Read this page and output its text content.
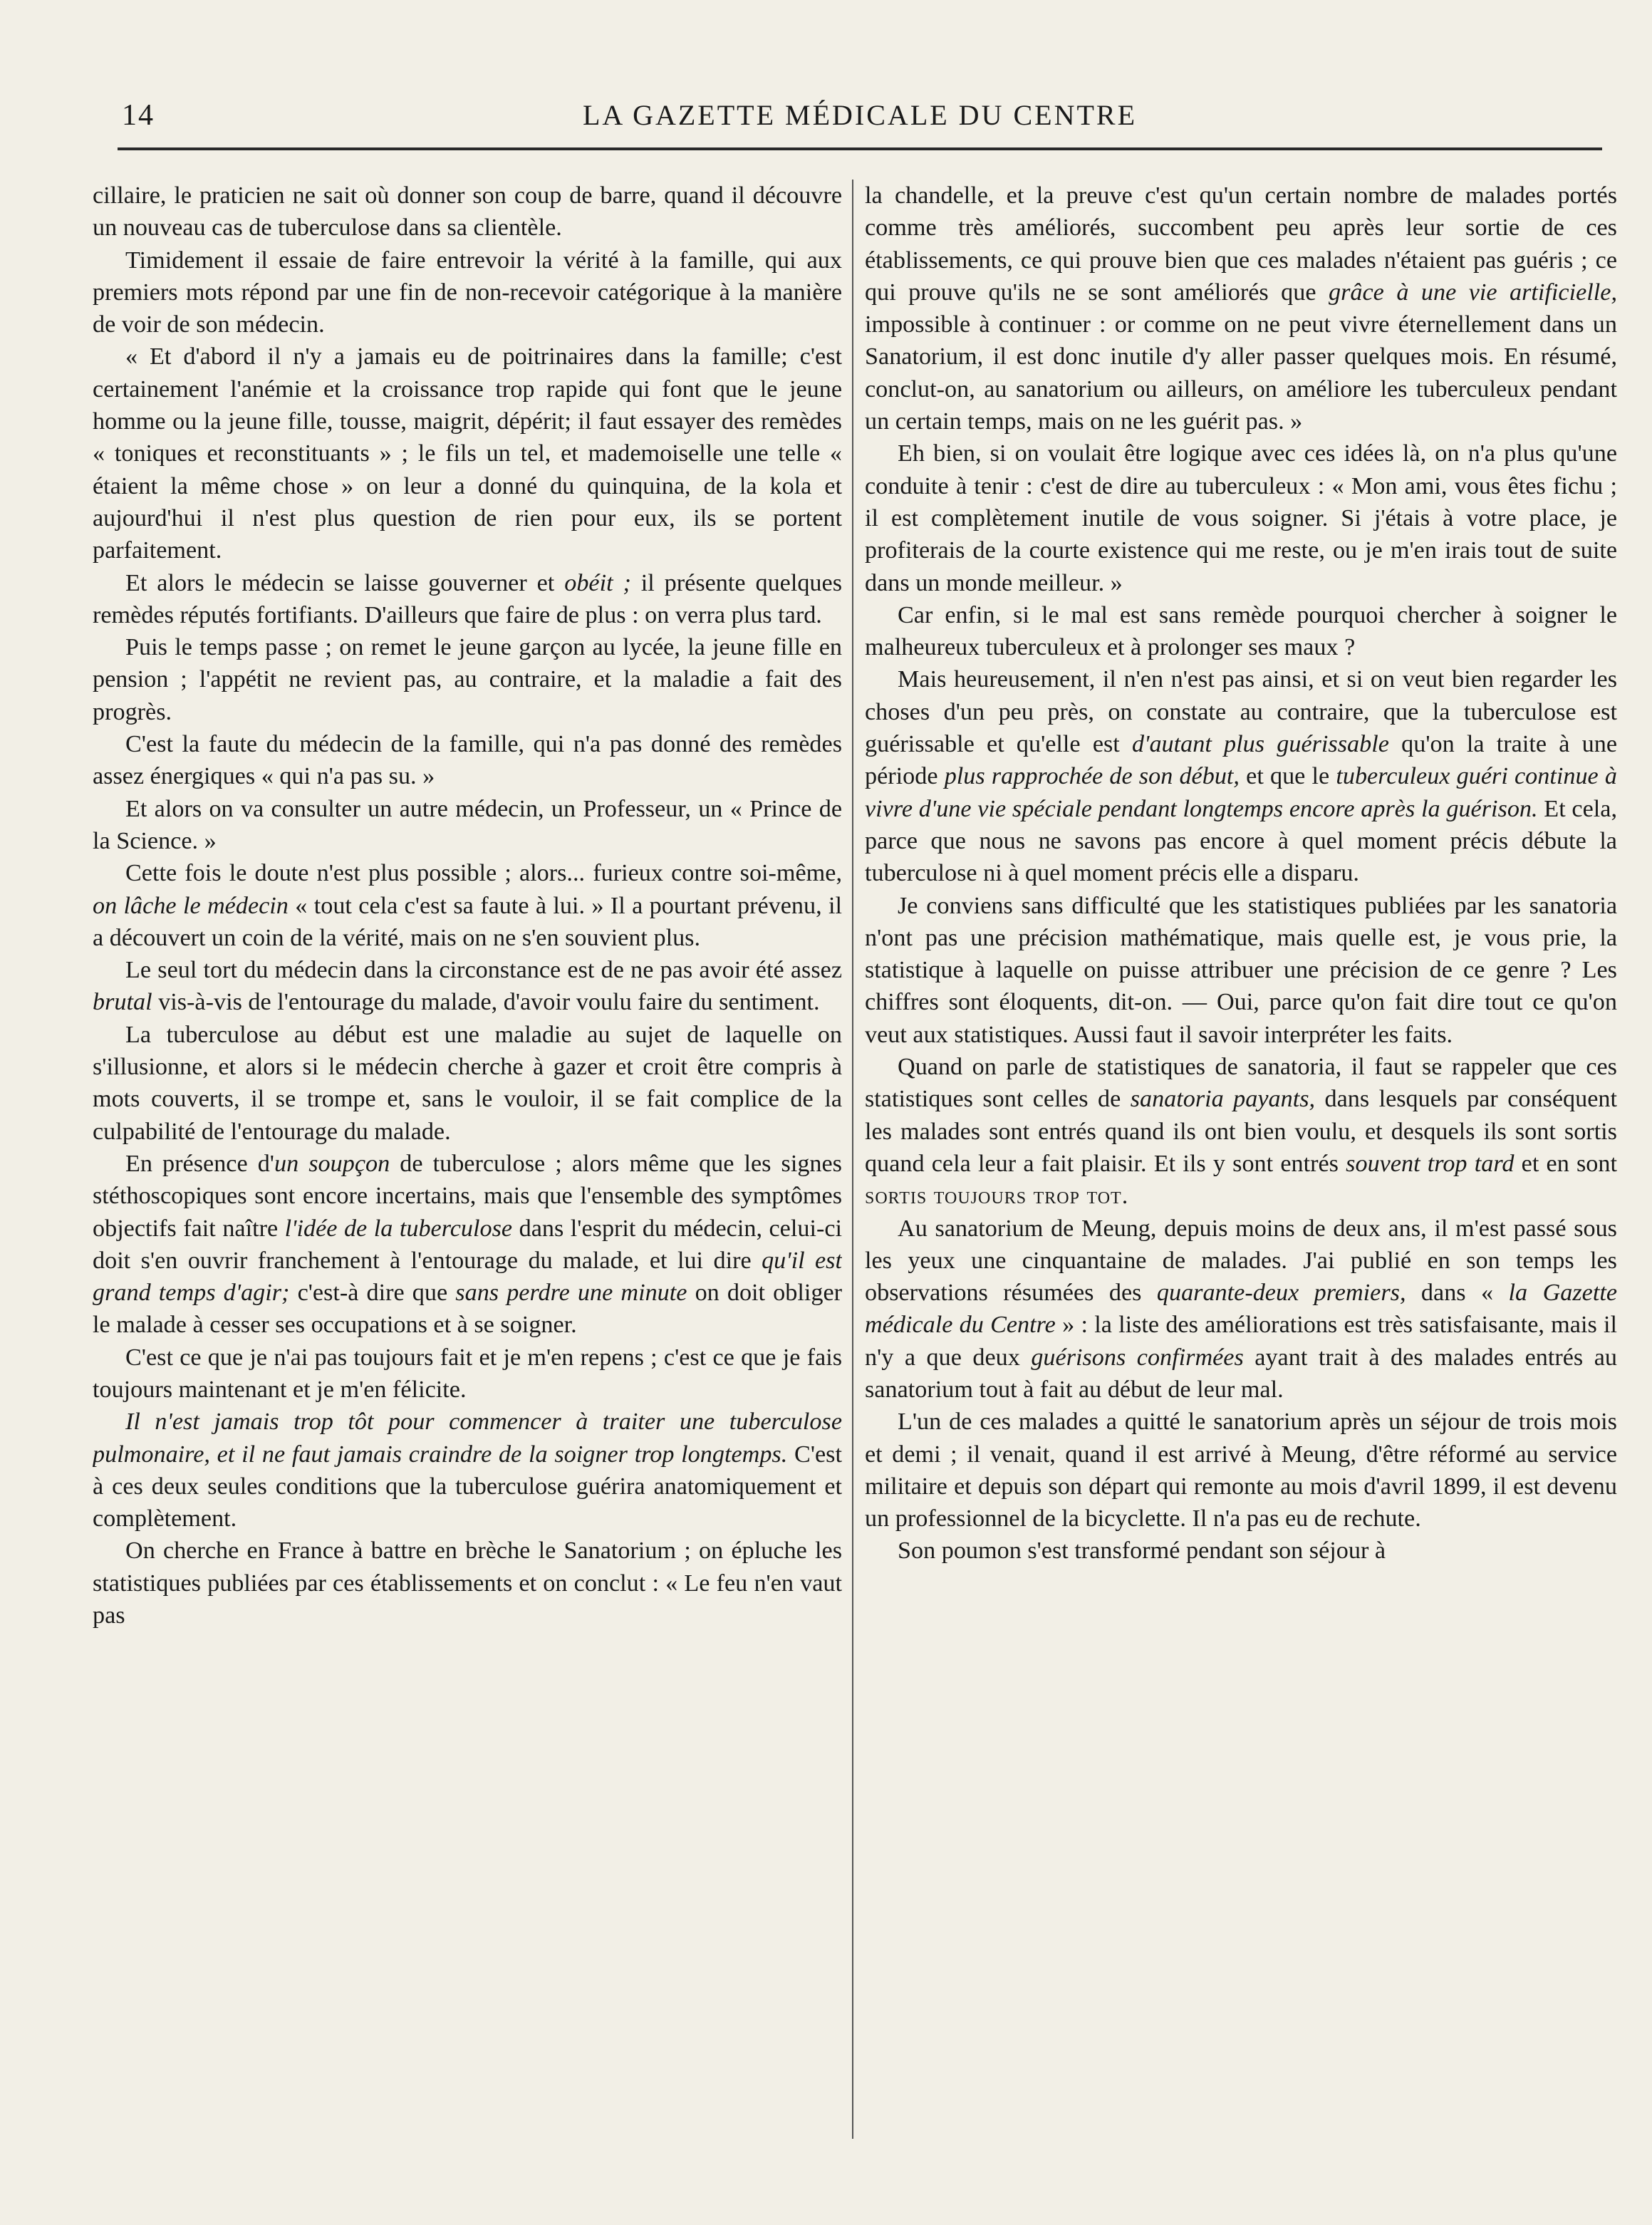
14	LA GAZETTE MÉDICALE DU CENTRE

cillaire, le praticien ne sait où donner son coup de barre, quand il découvre un nouveau cas de tuberculose dans sa clientèle.

Timidement il essaie de faire entrevoir la vérité à la famille, qui aux premiers mots répond par une fin de non-recevoir catégorique à la manière de voir de son médecin.

« Et d'abord il n'y a jamais eu de poitrinaires dans la famille; c'est certainement l'anémie et la croissance trop rapide qui font que le jeune homme ou la jeune fille, tousse, maigrit, dépérit; il faut essayer des remèdes « toniques et reconstituants » ; le fils un tel, et mademoiselle une telle « étaient la même chose » on leur a donné du quinquina, de la kola et aujourd'hui il n'est plus question de rien pour eux, ils se portent parfaitement.

Et alors le médecin se laisse gouverner et obéit ; il présente quelques remèdes réputés fortifiants. D'ailleurs que faire de plus : on verra plus tard.

Puis le temps passe ; on remet le jeune garçon au lycée, la jeune fille en pension ; l'appétit ne revient pas, au contraire, et la maladie a fait des progrès.

C'est la faute du médecin de la famille, qui n'a pas donné des remèdes assez énergiques « qui n'a pas su. »

Et alors on va consulter un autre médecin, un Professeur, un « Prince de la Science. »

Cette fois le doute n'est plus possible ; alors... furieux contre soi-même, on lâche le médecin « tout cela c'est sa faute à lui. » Il a pourtant prévenu, il a découvert un coin de la vérité, mais on ne s'en souvient plus.

Le seul tort du médecin dans la circonstance est de ne pas avoir été assez brutal vis-à-vis de l'entourage du malade, d'avoir voulu faire du sentiment.

La tuberculose au début est une maladie au sujet de laquelle on s'illusionne, et alors si le médecin cherche à gazer et croit être compris à mots couverts, il se trompe et, sans le vouloir, il se fait complice de la culpabilité de l'entourage du malade.

En présence d'un soupçon de tuberculose ; alors même que les signes stéthoscopiques sont encore incertains, mais que l'ensemble des symptômes objectifs fait naître l'idée de la tuberculose dans l'esprit du médecin, celui-ci doit s'en ouvrir franchement à l'entourage du malade, et lui dire qu'il est grand temps d'agir; c'est-à dire que sans perdre une minute on doit obliger le malade à cesser ses occupations et à se soigner.

C'est ce que je n'ai pas toujours fait et je m'en repens ; c'est ce que je fais toujours maintenant et je m'en félicite.

Il n'est jamais trop tôt pour commencer à traiter une tuberculose pulmonaire, et il ne faut jamais craindre de la soigner trop longtemps. C'est à ces deux seules conditions que la tuberculose guérira anatomiquement et complètement.

On cherche en France à battre en brèche le Sanatorium ; on épluche les statistiques publiées par ces établissements et on conclut : « Le feu n'en vaut pas

la chandelle, et la preuve c'est qu'un certain nombre de malades portés comme très améliorés, succombent peu après leur sortie de ces établissements, ce qui prouve bien que ces malades n'étaient pas guéris ; ce qui prouve qu'ils ne se sont améliorés que grâce à une vie artificielle, impossible à continuer : or comme on ne peut vivre éternellement dans un Sanatorium, il est donc inutile d'y aller passer quelques mois. En résumé, conclut-on, au sanatorium ou ailleurs, on améliore les tuberculeux pendant un certain temps, mais on ne les guérit pas. »

Eh bien, si on voulait être logique avec ces idées là, on n'a plus qu'une conduite à tenir : c'est de dire au tuberculeux : « Mon ami, vous êtes fichu ; il est complètement inutile de vous soigner. Si j'étais à votre place, je profiterais de la courte existence qui me reste, ou je m'en irais tout de suite dans un monde meilleur. »

Car enfin, si le mal est sans remède pourquoi chercher à soigner le malheureux tuberculeux et à prolonger ses maux ?

Mais heureusement, il n'en n'est pas ainsi, et si on veut bien regarder les choses d'un peu près, on constate au contraire, que la tuberculose est guérissable et qu'elle est d'autant plus guérissable qu'on la traite à une période plus rapprochée de son début, et que le tuberculeux guéri continue à vivre d'une vie spéciale pendant longtemps encore après la guérison. Et cela, parce que nous ne savons pas encore à quel moment précis débute la tuberculose ni à quel moment précis elle a disparu.

Je conviens sans difficulté que les statistiques publiées par les sanatoria n'ont pas une précision mathématique, mais quelle est, je vous prie, la statistique à laquelle on puisse attribuer une précision de ce genre ? Les chiffres sont éloquents, dit-on. — Oui, parce qu'on fait dire tout ce qu'on veut aux statistiques. Aussi faut il savoir interpréter les faits.

Quand on parle de statistiques de sanatoria, il faut se rappeler que ces statistiques sont celles de sanatoria payants, dans lesquels par conséquent les malades sont entrés quand ils ont bien voulu, et desquels ils sont sortis quand cela leur a fait plaisir. Et ils y sont entrés souvent trop tard et en sont sortis toujours trop tot.

Au sanatorium de Meung, depuis moins de deux ans, il m'est passé sous les yeux une cinquantaine de malades. J'ai publié en son temps les observations résumées des quarante-deux premiers, dans « la Gazette médicale du Centre » : la liste des améliorations est très satisfaisante, mais il n'y a que deux guérisons confirmées ayant trait à des malades entrés au sanatorium tout à fait au début de leur mal.

L'un de ces malades a quitté le sanatorium après un séjour de trois mois et demi ; il venait, quand il est arrivé à Meung, d'être réformé au service militaire et depuis son départ qui remonte au mois d'avril 1899, il est devenu un professionnel de la bicyclette. Il n'a pas eu de rechute.

Son poumon s'est transformé pendant son séjour à
